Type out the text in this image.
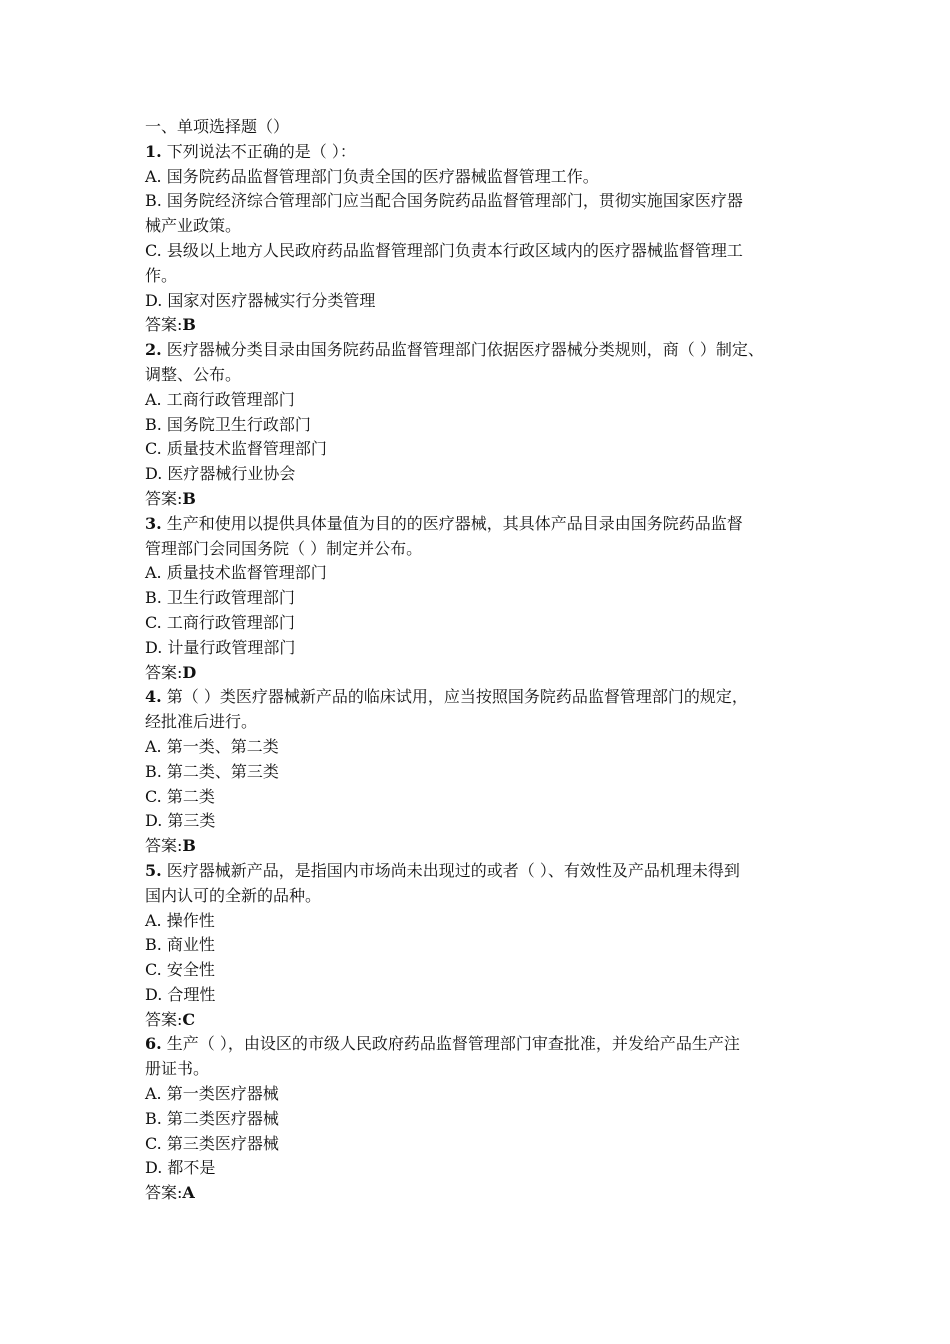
一、单项选择题（）
1. 下列说法不正确的是（ ）：
A. 国务院药品监督管理部门负责全国的医疗器械监督管理工作。
B. 国务院经济综合管理部门应当配合国务院药品监督管理部门，贯彻实施国家医疗器
械产业政策。
C. 县级以上地方人民政府药品监督管理部门负责本行政区域内的医疗器械监督管理工
作。
D. 国家对医疗器械实行分类管理
答案:B
2. 医疗器械分类目录由国务院药品监督管理部门依据医疗器械分类规则，商（ ）制定、
调整、公布。
A. 工商行政管理部门
B. 国务院卫生行政部门
C. 质量技术监督管理部门
D. 医疗器械行业协会
答案:B
3. 生产和使用以提供具体量值为目的的医疗器械，其具体产品目录由国务院药品监督
管理部门会同国务院（ ）制定并公布。
A. 质量技术监督管理部门
B. 卫生行政管理部门
C. 工商行政管理部门
D. 计量行政管理部门
答案:D
4. 第（ ）类医疗器械新产品的临床试用，应当按照国务院药品监督管理部门的规定，
经批准后进行。
A. 第一类、第二类
B. 第二类、第三类
C. 第二类
D. 第三类
答案:B
5. 医疗器械新产品，是指国内市场尚未出现过的或者（ ）、有效性及产品机理未得到
国内认可的全新的品种。
A. 操作性
B. 商业性
C. 安全性
D. 合理性
答案:C
6. 生产（ ），由设区的市级人民政府药品监督管理部门审查批准，并发给产品生产注
册证书。
A. 第一类医疗器械
B. 第二类医疗器械
C. 第三类医疗器械
D. 都不是
答案:A
